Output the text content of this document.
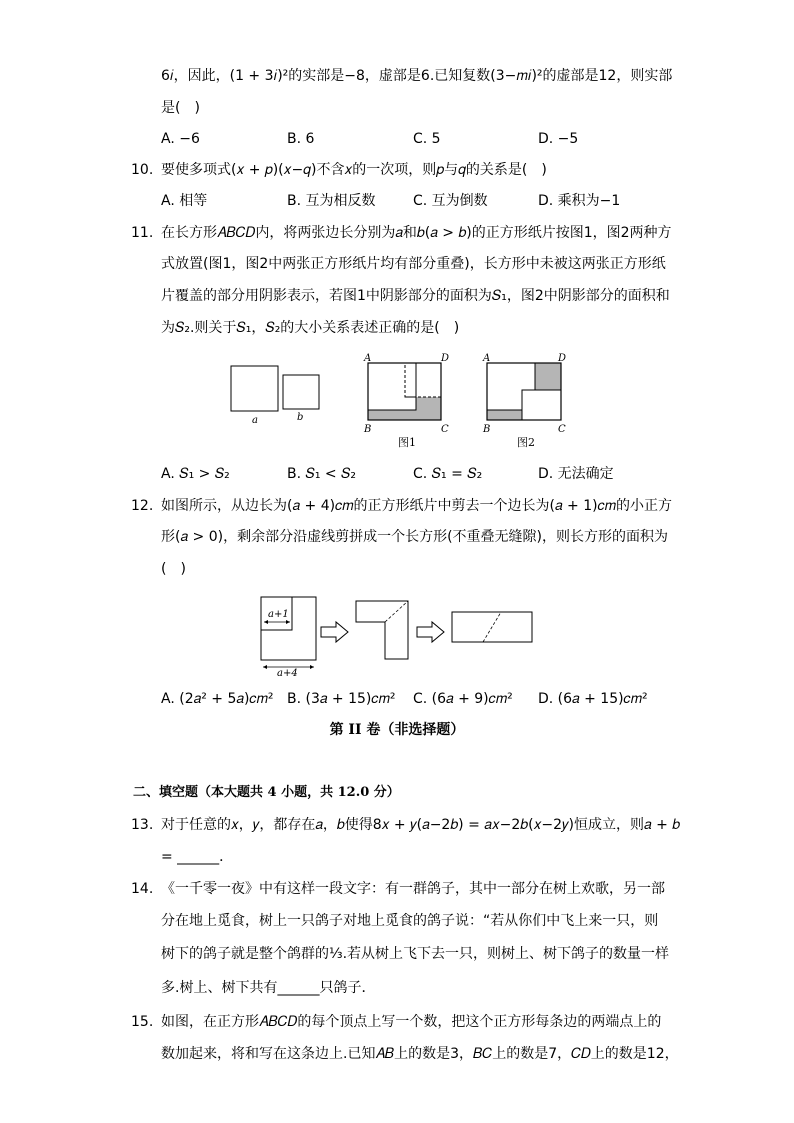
6𝑖，因此，(1 + 3𝑖)²的实部是−8，虚部是6.已知复数(3−𝑚𝑖)²的虚部是12，则实部
是(　)
A. −6	B. 6	C. 5	D. −5
10. 要使多项式(𝑥 + 𝑝)(𝑥−𝑞)不含𝑥的一次项，则𝑝与𝑞的关系是(　)
A. 相等	B. 互为相反数	C. 互为倒数	D. 乘积为−1
11. 在长方形𝐴𝐵𝐶𝐷内，将两张边长分别为𝑎和𝑏(𝑎 > 𝑏)的正方形纸片按图1，图2两种方
式放置(图1，图2中两张正方形纸片均有部分重叠)，长方形中未被这两张正方形纸
片覆盖的部分用阴影表示，若图1中阴影部分的面积为𝑆₁，图2中阴影部分的面积和
为𝑆₂.则关于𝑆₁，𝑆₂的大小关系表述正确的是(　)
a	b
A	D
B	C
图1
A	D
B	C
图2
A. 𝑆₁ > 𝑆₂	B. 𝑆₁ < 𝑆₂	C. 𝑆₁ = 𝑆₂	D. 无法确定
12. 如图所示，从边长为(𝑎 + 4)𝑐𝑚的正方形纸片中剪去一个边长为(𝑎 + 1)𝑐𝑚的小正方
形(𝑎 > 0)，剩余部分沿虚线剪拼成一个长方形(不重叠无缝隙)，则长方形的面积为
(　)
a+1
a+4
A. (2𝑎² + 5𝑎)𝑐𝑚² B. (3𝑎 + 15)𝑐𝑚² C. (6𝑎 + 9)𝑐𝑚² D. (6𝑎 + 15)𝑐𝑚²
第 II 卷（非选择题）
二、填空题（本大题共 4 小题，共 12.0 分）
13. 对于任意的𝑥，𝑦，都存在𝑎，𝑏使得8𝑥 + 𝑦(𝑎−2𝑏) = 𝑎𝑥−2𝑏(𝑥−2𝑦)恒成立，则𝑎 + 𝑏
= ______．
14. 《一千零一夜》中有这样一段文字：有一群鸽子，其中一部分在树上欢歌，另一部
分在地上觅食，树上一只鸽子对地上觅食的鸽子说：“若从你们中飞上来一只，则
树下的鸽子就是整个鸽群的⅓.若从树上飞下去一只，则树上、树下鸽子的数量一样
多.树上、树下共有______只鸽子．
15. 如图，在正方形𝐴𝐵𝐶𝐷的每个顶点上写一个数，把这个正方形每条边的两端点上的
数加起来，将和写在这条边上.已知𝐴𝐵上的数是3，𝐵𝐶上的数是7，𝐶𝐷上的数是12，
